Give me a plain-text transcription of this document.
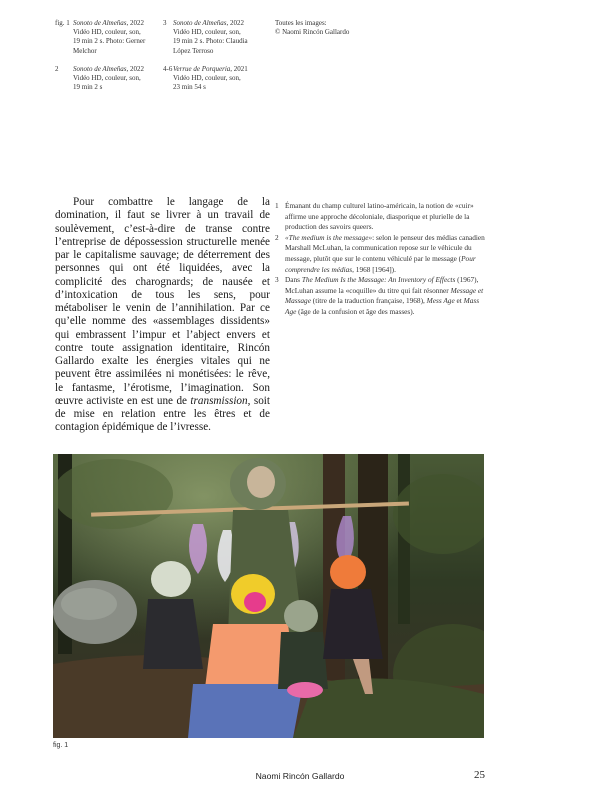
fig. 1 Sonoto de Almeñas, 2022
Vidéo HD, couleur, son,
19 min 2 s. Photo: Gerner
Melchor
3 Sonoto de Almeñas, 2022
Vidéo HD, couleur, son,
19 min 2 s. Photo: Claudia
López Terroso
2 Sonoto de Almeñas, 2022
Vidéo HD, couleur, son,
19 min 2 s
4-6 Verrue de Porqueria, 2021
Vidéo HD, couleur, son,
23 min 54 s
Toutes les images:
© Naomi Rincón Gallardo

Pour combattre le langage de la domination, il faut se livrer à un travail de soulèvement, c’est-à-dire de transe contre l’entreprise de dépossession structurelle menée par le capitalisme sauvage; de déterrement des personnes qui ont été liquidées, avec la complicité des charognards; de nausée et d’intoxication de tous les sens, pour métaboliser le venin de l’annihilation. Par ce qu’elle nomme des «assemblages dissidents» qui embrassent l’impur et l’abject envers et contre toute assignation identitaire, Rincón Gallardo exalte les énergies vitales qui ne peuvent être assimilées ni monétisées: le rêve, le fantasme, l’érotisme, l’imagination. Son œuvre activiste en est une de transmission, soit de mise en relation entre les êtres et de contagion épidémique de l’ivresse.

1 Émanant du champ culturel latino-américain, la notion de «cuir» affirme une approche décoloniale, diasporique et plurielle de la production des savoirs queers.
2 «The medium is the message»: selon le penseur des médias canadien Marshall McLuhan, la communication repose sur le véhicule du message, plutôt que sur le contenu véhiculé par le message (Pour comprendre les médias, 1968 [1964]).
3 Dans The Medium Is the Massage: An Inventory of Effects (1967), McLuhan assume la «coquille» du titre qui fait résonner Message et Massage (titre de la traduction française, 1968), Mess Age et Mass Age (âge de la confusion et âge des masses).
fig. 1
Naomi Rincón Gallardo	25
